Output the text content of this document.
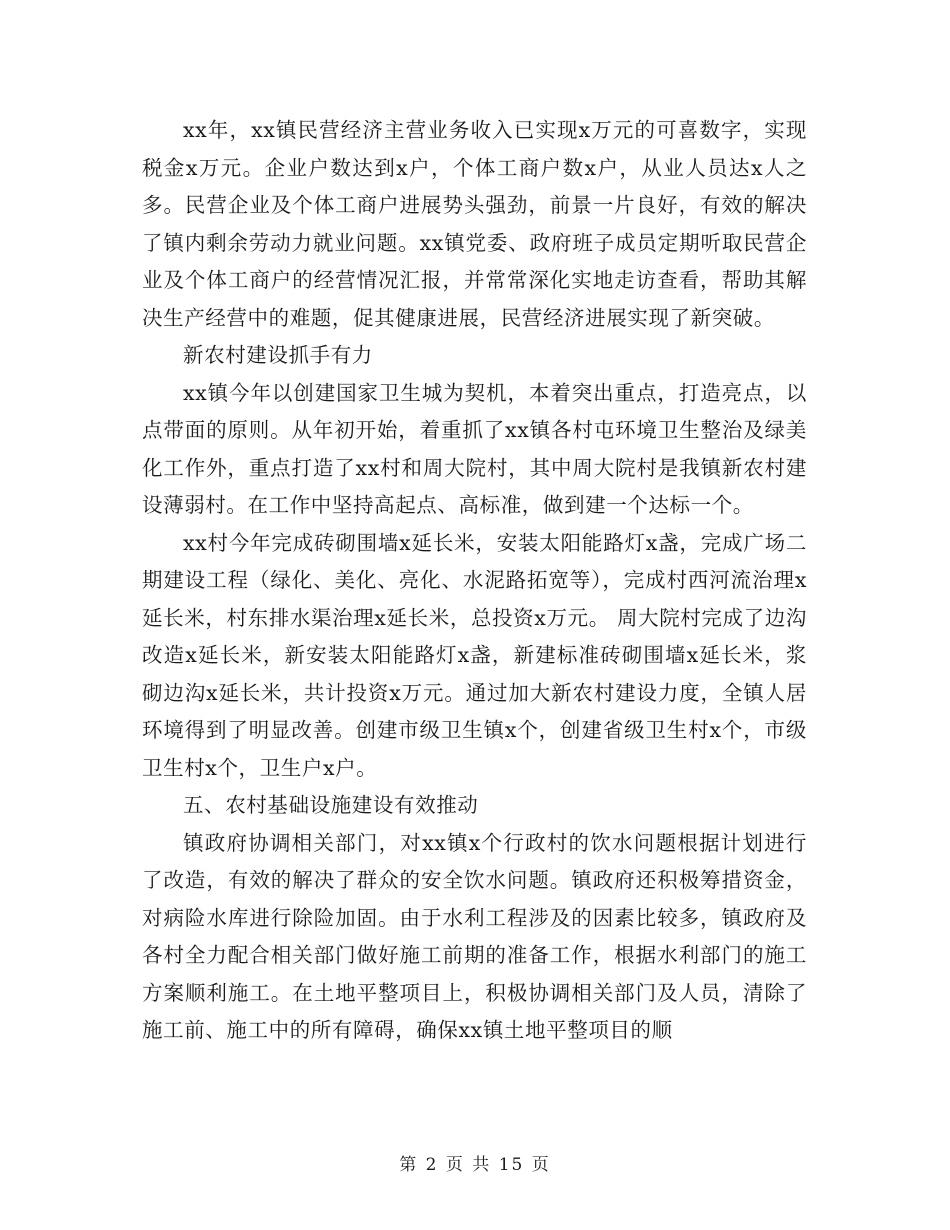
xx年，xx镇民营经济主营业务收入已实现x万元的可喜数字，实现税金x万元。企业户数达到x户，个体工商户数x户，从业人员达x人之多。民营企业及个体工商户进展势头强劲，前景一片良好，有效的解决了镇内剩余劳动力就业问题。xx镇党委、政府班子成员定期听取民营企业及个体工商户的经营情况汇报，并常常深化实地走访查看，帮助其解决生产经营中的难题，促其健康进展，民营经济进展实现了新突破。

新农村建设抓手有力

xx镇今年以创建国家卫生城为契机，本着突出重点，打造亮点，以点带面的原则。从年初开始，着重抓了xx镇各村屯环境卫生整治及绿美化工作外，重点打造了xx村和周大院村，其中周大院村是我镇新农村建设薄弱村。在工作中坚持高起点、高标准，做到建一个达标一个。

xx村今年完成砖砌围墙x延长米，安装太阳能路灯x盏，完成广场二期建设工程（绿化、美化、亮化、水泥路拓宽等），完成村西河流治理x延长米，村东排水渠治理x延长米，总投资x万元。 周大院村完成了边沟改造x延长米，新安装太阳能路灯x盏，新建标准砖砌围墙x延长米，浆砌边沟x延长米，共计投资x万元。通过加大新农村建设力度，全镇人居环境得到了明显改善。创建市级卫生镇x个，创建省级卫生村x个，市级卫生村x个，卫生户x户。

五、农村基础设施建设有效推动

镇政府协调相关部门，对xx镇x个行政村的饮水问题根据计划进行了改造，有效的解决了群众的安全饮水问题。镇政府还积极筹措资金，对病险水库进行除险加固。由于水利工程涉及的因素比较多，镇政府及各村全力配合相关部门做好施工前期的准备工作，根据水利部门的施工方案顺利施工。在土地平整项目上，积极协调相关部门及人员，清除了施工前、施工中的所有障碍，确保xx镇土地平整项目的顺

第 2 页 共 15 页
